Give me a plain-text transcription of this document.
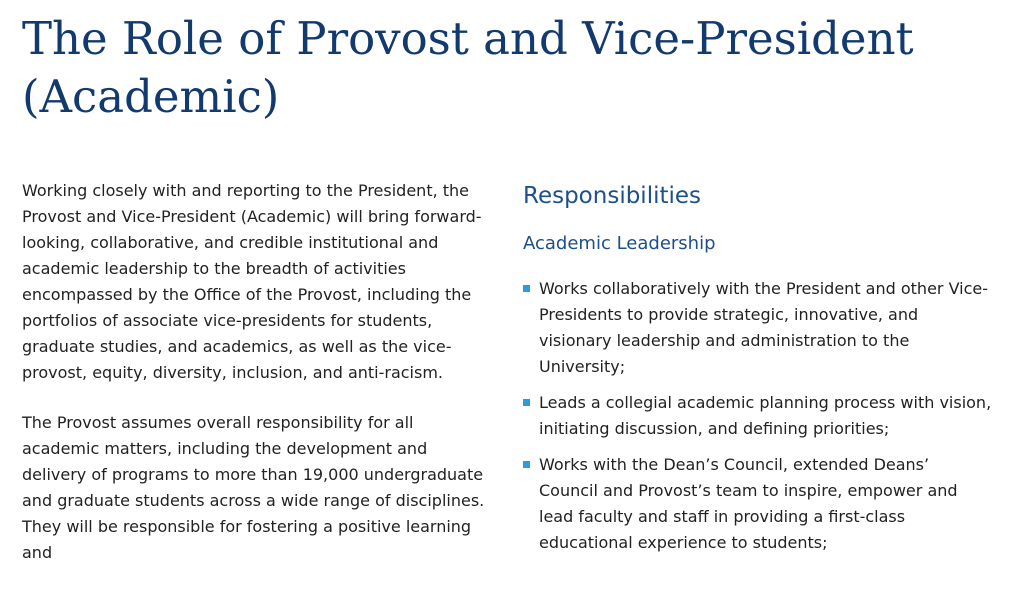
The Role of Provost and Vice-President (Academic)

Working closely with and reporting to the President, the Provost and Vice-President (Academic) will bring forward-looking, collaborative, and credible institutional and academic leadership to the breadth of activities encompassed by the Office of the Provost, including the portfolios of associate vice-presidents for students, graduate studies, and academics, as well as the vice-provost, equity, diversity, inclusion, and anti-racism.

The Provost assumes overall responsibility for all academic matters, including the development and delivery of programs to more than 19,000 undergraduate and graduate students across a wide range of disciplines. They will be responsible for fostering a positive learning and

Responsibilities
Academic Leadership
Works collaboratively with the President and other Vice-Presidents to provide strategic, innovative, and visionary leadership and administration to the University;
Leads a collegial academic planning process with vision, initiating discussion, and defining priorities;
Works with the Dean’s Council, extended Deans’ Council and Provost’s team to inspire, empower and lead faculty and staff in providing a first-class educational experience to students;
